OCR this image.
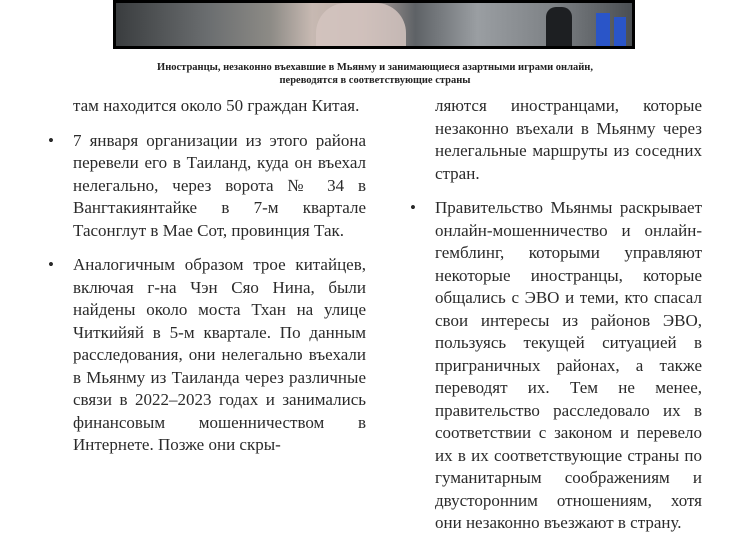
Иностранцы, незаконно въехавшие в Мьянму и занимающиеся азартными играми онлайн,
переводятся в соответствующие страны

там находится около 50 граждан Китая.

• 7 января организации из этого района перевели его в Таиланд, куда он въехал нелегально, через ворота № 34 в Вангтакиянтайке в 7-м квартале Тасонглут в Мае Сот, провинция Так.

• Аналогичным образом трое китайцев, включая г-на Чэн Сяо Нина, были найдены около моста Тхан на улице Читкийяй в 5-м квартале. По данным расследования, они нелегально въехали в Мьянму из Таиланда через различные связи в 2022–2023 годах и занимались финансовым мошенничеством в Интернете. Позже они скры-

ляются иностранцами, которые незаконно въехали в Мьянму через нелегальные маршруты из соседних стран.

• Правительство Мьянмы раскрывает онлайн-мошенничество и онлайн-гемблинг, которыми управляют некоторые иностранцы, которые общались с ЭВО и теми, кто спасал свои интересы из районов ЭВО, пользуясь текущей ситуацией в приграничных районах, а также переводят их. Тем не менее, правительство расследовало их в соответствии с законом и перевело их в их соответствующие страны по гуманитарным соображениям и двусторонним отношениям, хотя они незаконно въезжают в страну.
